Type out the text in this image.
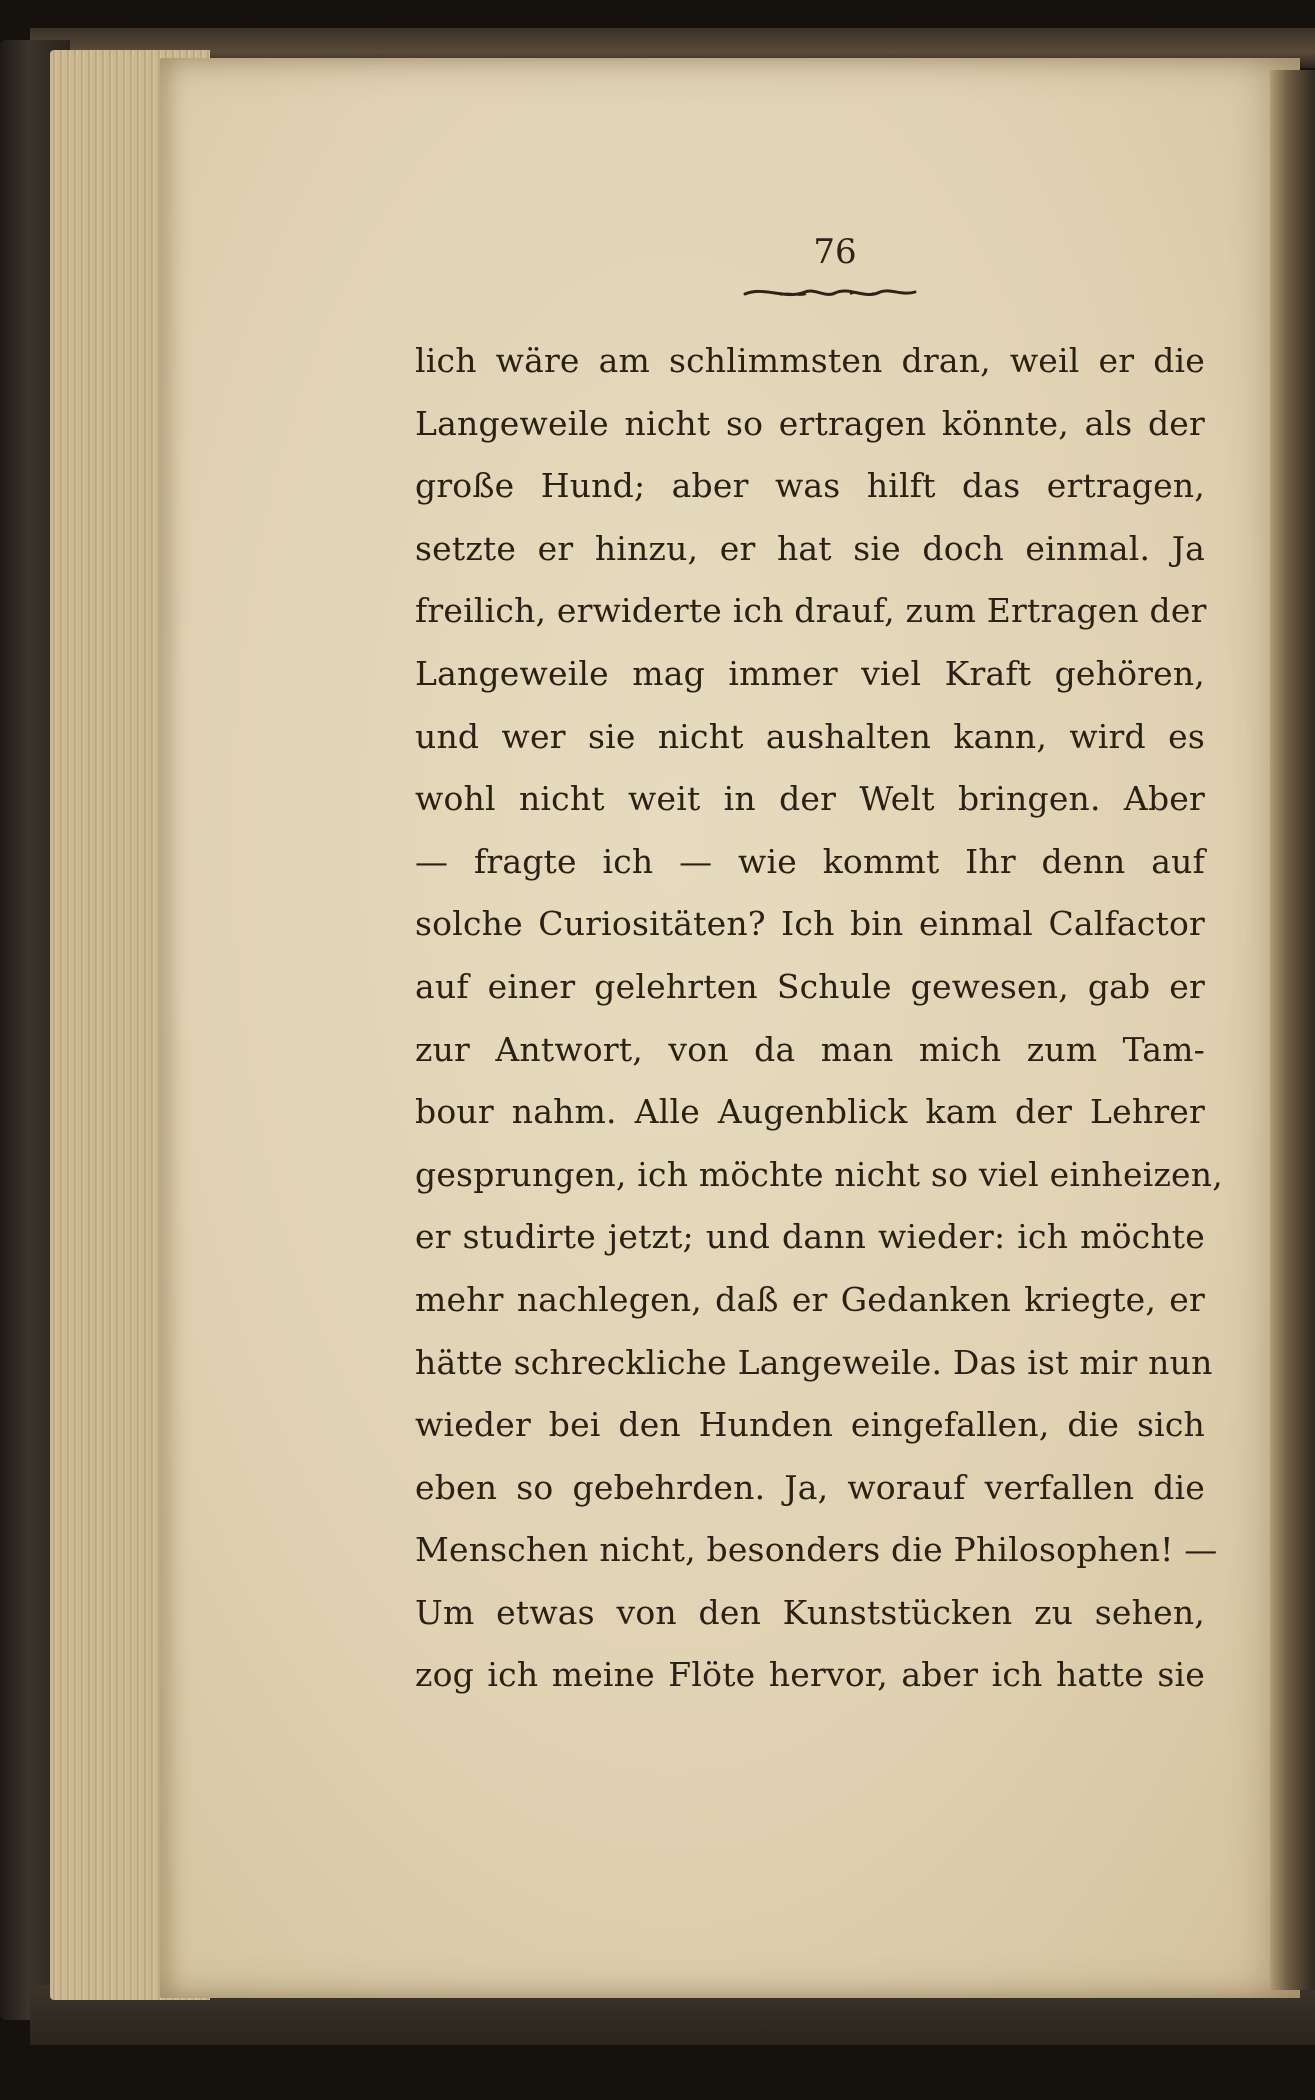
76
lich wäre am schlimmsten dran, weil er die
Langeweile nicht so ertragen könnte, als der
große Hund; aber was hilft das ertragen,
setzte er hinzu, er hat sie doch einmal. Ja
freilich, erwiderte ich drauf, zum Ertragen der
Langeweile mag immer viel Kraft gehören,
und wer sie nicht aushalten kann, wird es
wohl nicht weit in der Welt bringen. Aber
— fragte ich — wie kommt Ihr denn auf
solche Curiositäten? Ich bin einmal Calfactor
auf einer gelehrten Schule gewesen, gab er
zur Antwort, von da man mich zum Tam-
bour nahm. Alle Augenblick kam der Lehrer
gesprungen, ich möchte nicht so viel einheizen,
er studirte jetzt; und dann wieder: ich möchte
mehr nachlegen, daß er Gedanken kriegte, er
hätte schreckliche Langeweile. Das ist mir nun
wieder bei den Hunden eingefallen, die sich
eben so gebehrden. Ja, worauf verfallen die
Menschen nicht, besonders die Philosophen! —
Um etwas von den Kunststücken zu sehen,
zog ich meine Flöte hervor, aber ich hatte sie
